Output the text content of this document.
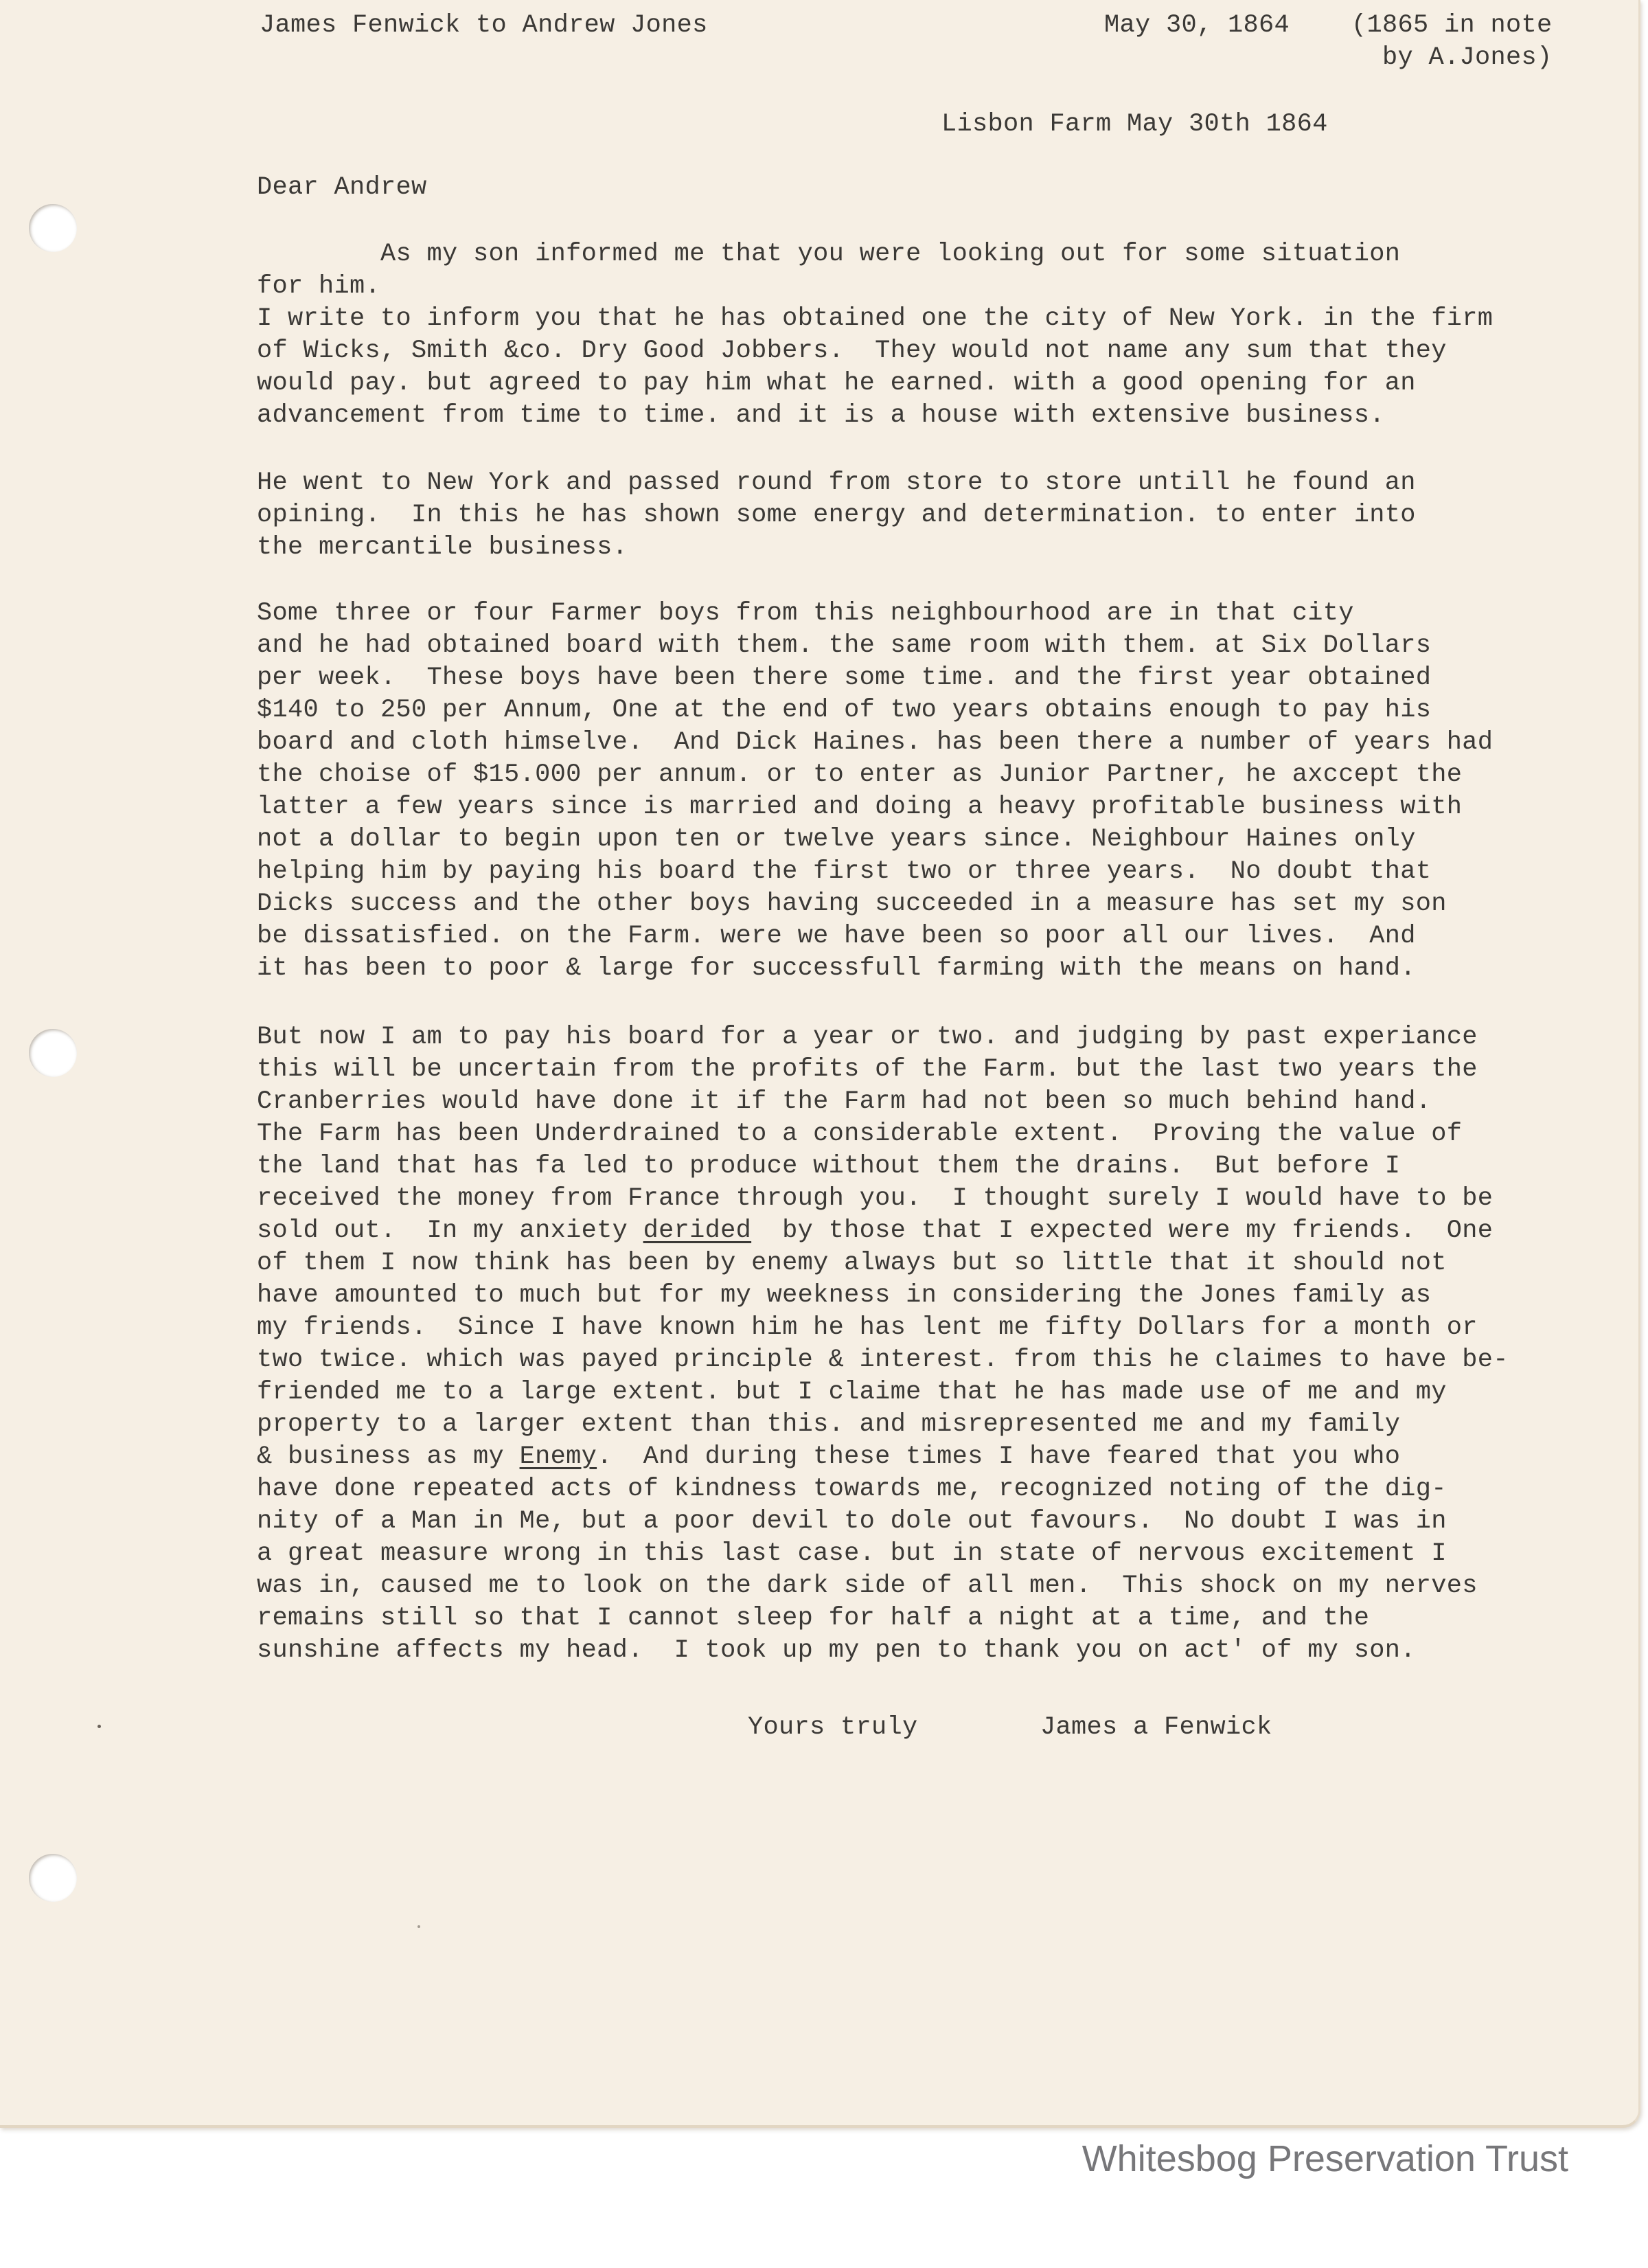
James Fenwick to Andrew Jones	May 30, 1864 (1865 in note
by A.Jones)
Lisbon Farm May 30th 1864
Dear Andrew
As my son informed me that you were looking out for some situation
for him.
I write to inform you that he has obtained one the city of New York. in the firm
of Wicks, Smith &co. Dry Good Jobbers.  They would not name any sum that they
would pay. but agreed to pay him what he earned. with a good opening for an
advancement from time to time. and it is a house with extensive business.
He went to New York and passed round from store to store untill he found an
opining.  In this he has shown some energy and determination. to enter into
the mercantile business.
Some three or four Farmer boys from this neighbourhood are in that city
and he had obtained board with them. the same room with them. at Six Dollars
per week.  These boys have been there some time. and the first year obtained
$140 to 250 per Annum, One at the end of two years obtains enough to pay his
board and cloth himselve.  And Dick Haines. has been there a number of years had
the choise of $15.000 per annum. or to enter as Junior Partner, he axccept the
latter a few years since is married and doing a heavy profitable business with
not a dollar to begin upon ten or twelve years since. Neighbour Haines only
helping him by paying his board the first two or three years.  No doubt that
Dicks success and the other boys having succeeded in a measure has set my son
be dissatisfied. on the Farm. were we have been so poor all our lives.  And
it has been to poor & large for successfull farming with the means on hand.
But now I am to pay his board for a year or two. and judging by past experiance
this will be uncertain from the profits of the Farm. but the last two years the
Cranberries would have done it if the Farm had not been so much behind hand.
The Farm has been Underdrained to a considerable extent.  Proving the value of
the land that has fa led to produce without them the drains.  But before I
received the money from France through you.  I thought surely I would have to be
sold out.  In my anxiety derided  by those that I expected were my friends.  One
of them I now think has been by enemy always but so little that it should not
have amounted to much but for my weekness in considering the Jones family as
my friends.  Since I have known him he has lent me fifty Dollars for a month or
two twice. which was payed principle & interest. from this he claimes to have be-
friended me to a large extent. but I claime that he has made use of me and my
property to a larger extent than this. and misrepresented me and my family
& business as my Enemy.  And during these times I have feared that you who
have done repeated acts of kindness towards me, recognized noting of the dig-
nity of a Man in Me, but a poor devil to dole out favours.  No doubt I was in
a great measure wrong in this last case. but in state of nervous excitement I
was in, caused me to look on the dark side of all men.  This shock on my nerves
remains still so that I cannot sleep for half a night at a time, and the
sunshine affects my head.  I took up my pen to thank you on act' of my son.
Yours truly	James a Fenwick
Whitesbog Preservation Trust
